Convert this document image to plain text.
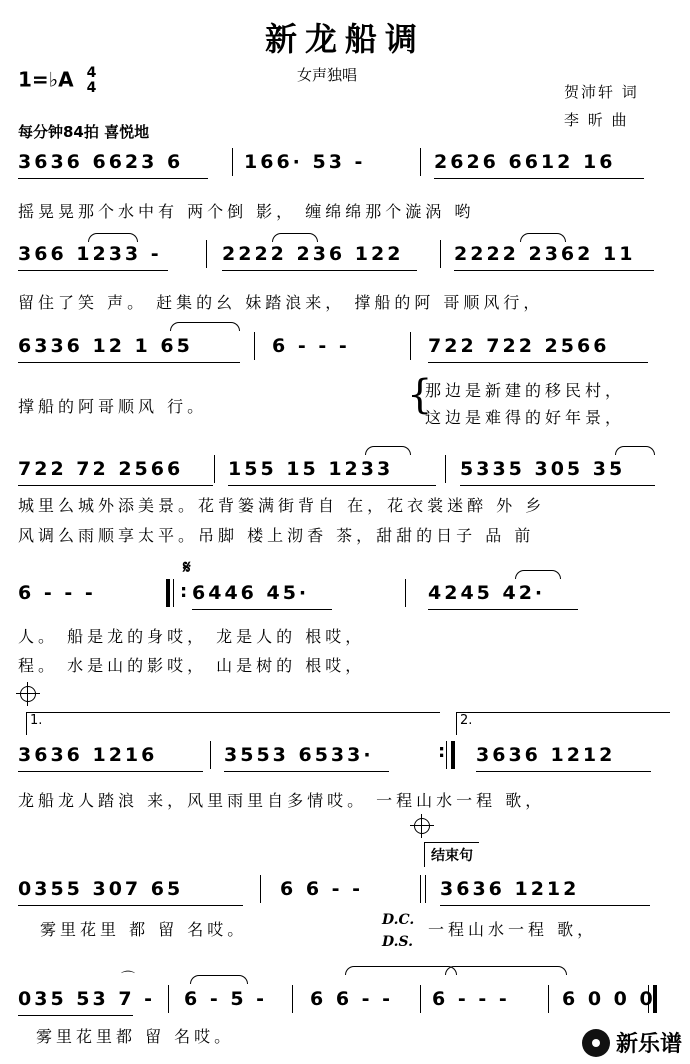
新龙船调
女声独唱
1=♭A 4
4
每分钟84拍 喜悦地
贺沛轩 词
李 昕 曲
3636 6623 6	166· 53 -	2626 6612 16
摇晃晃那个水中有 两个倒 影， 缠绵绵那个漩涡 哟
366 1233 -	2222 236 122	2222 2362 11
留住了笑 声。 赶集的幺 妹踏浪来， 撑船的阿 哥顺风行，
6336 12 1 65	6 - - -	722 722 2566
撑船的阿哥顺风 行。	{
那边是新建的移民村，
这边是难得的好年景，
722 72 2566 155 15 1233	5335 305 35
城里么城外添美景。花背篓满街背自 在，花衣裳迷醉 外 乡
风调么雨顺享太平。吊脚 楼上沏香 茶，甜甜的日子 品 前
𝄋
6 - - -	: 6446 45·	4245 42·
人。 船是龙的身哎， 龙是人的 根哎，
程。 水是山的影哎， 山是树的 根哎，
1.	2.
3636 1216	3553 6533·	: 3636 1212
龙船龙人踏浪 来，风里雨里自多情哎。 一程山水一程 歌，
结束句
0355 307 65	6 6 - -	3636 1212
雾里花里 都 留 名哎。	D.C.
D.S.
一程山水一程 歌，
⌒
035 53 7 - 6 - 5 - 6 6 - - 6 - - -	6 0 0 0
雾里花里都 留 名哎。	新乐谱
